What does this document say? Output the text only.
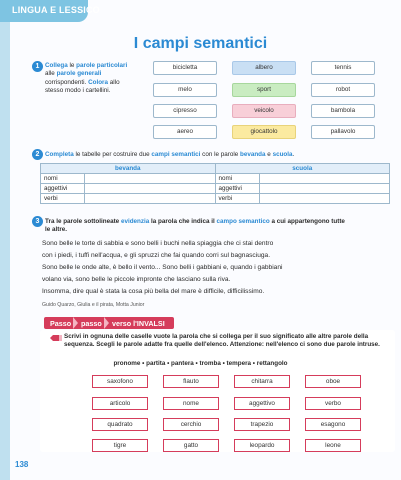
LINGUA E LESSICO
I campi semantici
1 Collega le parole particolari alle parole generali corrispondenti. Colora allo stesso modo i cartellini.
bicicletta	albero	tennis
melo	sport	robot
cipresso	veicolo	bambola
aereo	giocattolo	pallavolo
2 Completa le tabelle per costruire due campi semantici con le parole bevanda e scuola.
bevanda		scuola	
nomi		nomi	
aggettivi		aggettivi	
verbi		verbi	
3 Tra le parole sottolineate evidenzia la parola che indica il campo semantico a cui appartengono tutte le altre.

Sono belle le torte di sabbia e sono belli i buchi nella spiaggia che ci stai dentro

con i piedi, i tuffi nell'acqua, e gli spruzzi che fai quando corri sul bagnasciuga.

Sono belle le onde alte, è bello il vento... Sono belli i gabbiani e, quando i gabbiani

volano via, sono belle le piccole impronte che lasciano sulla riva.

Insomma, dire qual è stata la cosa più bella del mare è difficile, difficilissimo.

Guido Quarzo, Giulia e il pirata, Motta Junior
Passo passo verso l'INVALSI
Scrivi in ognuna delle caselle vuote la parola che si collega per il suo significato alle altre parole della sequenza. Scegli le parole adatte fra quelle dell'elenco. Attenzione: nell'elenco ci sono due parole intruse.
pronome • partita • pantera • tromba • tempera • rettangolo
saxofono	flauto	chitarra	oboe
articolo	nome	aggettivo	verbo
quadrato	cerchio	trapezio	esagono
tigre	gatto	leopardo	leone
138
